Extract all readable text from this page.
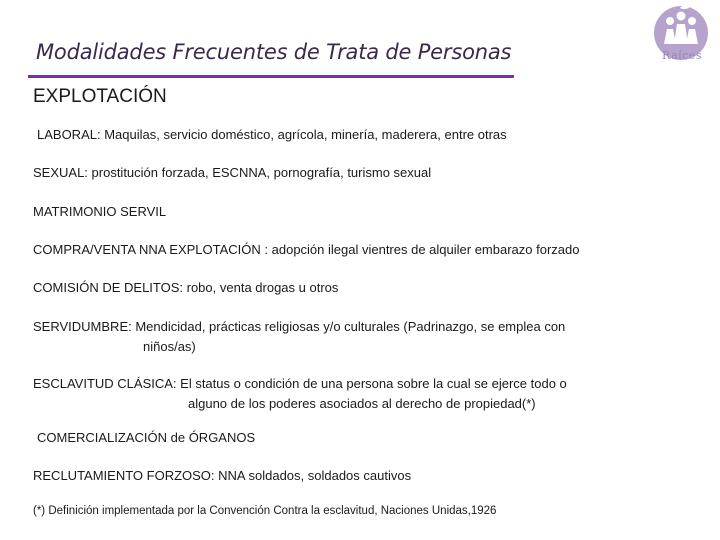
Modalidades Frecuentes de Trata de Personas	Raíces
EXPLOTACIÓN
LABORAL: Maquilas, servicio doméstico, agrícola, minería, maderera, entre otras
SEXUAL: prostitución forzada, ESCNNA, pornografía, turismo sexual
MATRIMONIO SERVIL
COMPRA/VENTA NNA EXPLOTACIÓN : adopción ilegal vientres de alquiler embarazo forzado
COMISIÓN DE DELITOS: robo, venta drogas u otros
SERVIDUMBRE: Mendicidad, prácticas religiosas y/o culturales (Padrinazgo, se emplea con
niños/as)
ESCLAVITUD CLÁSICA: El status o condición de una persona sobre la cual se ejerce todo o
alguno de los poderes asociados al derecho de propiedad(*)
COMERCIALIZACIÓN de ÓRGANOS
RECLUTAMIENTO FORZOSO: NNA soldados, soldados cautivos
(*) Definición implementada por la Convención Contra la esclavitud, Naciones Unidas,1926
